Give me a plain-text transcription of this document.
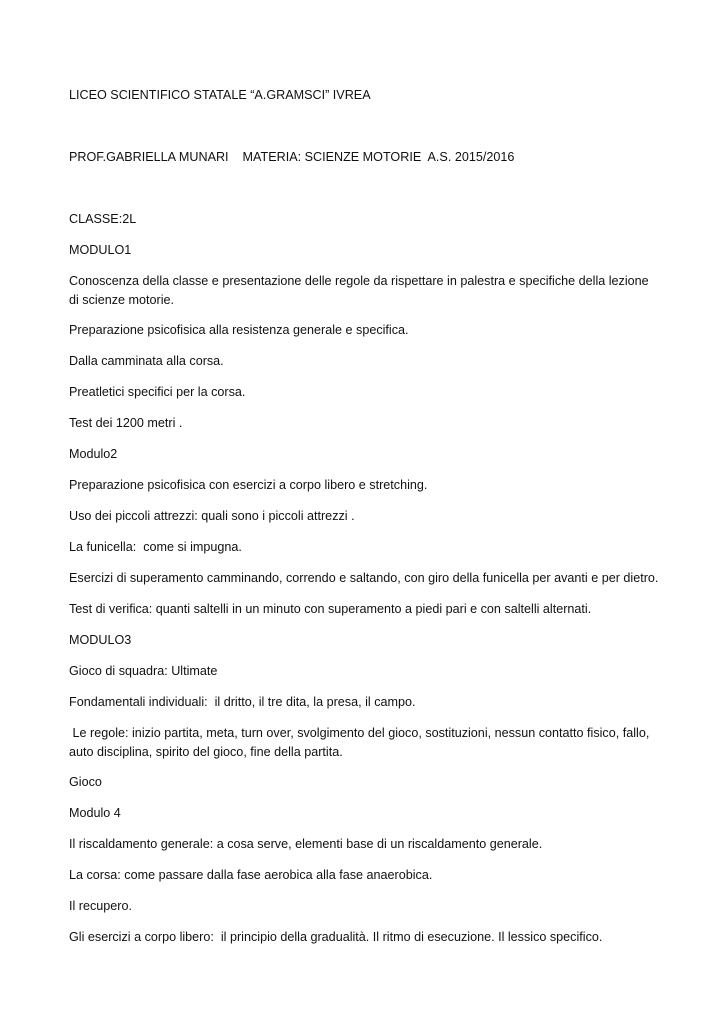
LICEO SCIENTIFICO STATALE “A.GRAMSCI” IVREA

PROF.GABRIELLA MUNARI    MATERIA: SCIENZE MOTORIE  A.S. 2015/2016

CLASSE:2L

MODULO1

Conoscenza della classe e presentazione delle regole da rispettare in palestra e specifiche della lezione di scienze motorie.

Preparazione psicofisica alla resistenza generale e specifica.

Dalla camminata alla corsa.

Preatletici specifici per la corsa.

Test dei 1200 metri .

Modulo2

Preparazione psicofisica con esercizi a corpo libero e stretching.

Uso dei piccoli attrezzi: quali sono i piccoli attrezzi .

La funicella:  come si impugna.

Esercizi di superamento camminando, correndo e saltando, con giro della funicella per avanti e per dietro.

Test di verifica: quanti saltelli in un minuto con superamento a piedi pari e con saltelli alternati.

MODULO3

Gioco di squadra: Ultimate

Fondamentali individuali:  il dritto, il tre dita, la presa, il campo.

Le regole: inizio partita, meta, turn over, svolgimento del gioco, sostituzioni, nessun contatto fisico, fallo, auto disciplina, spirito del gioco, fine della partita.

Gioco

Modulo 4

Il riscaldamento generale: a cosa serve, elementi base di un riscaldamento generale.

La corsa: come passare dalla fase aerobica alla fase anaerobica.

Il recupero.

Gli esercizi a corpo libero:  il principio della gradualità. Il ritmo di esecuzione. Il lessico specifico.
